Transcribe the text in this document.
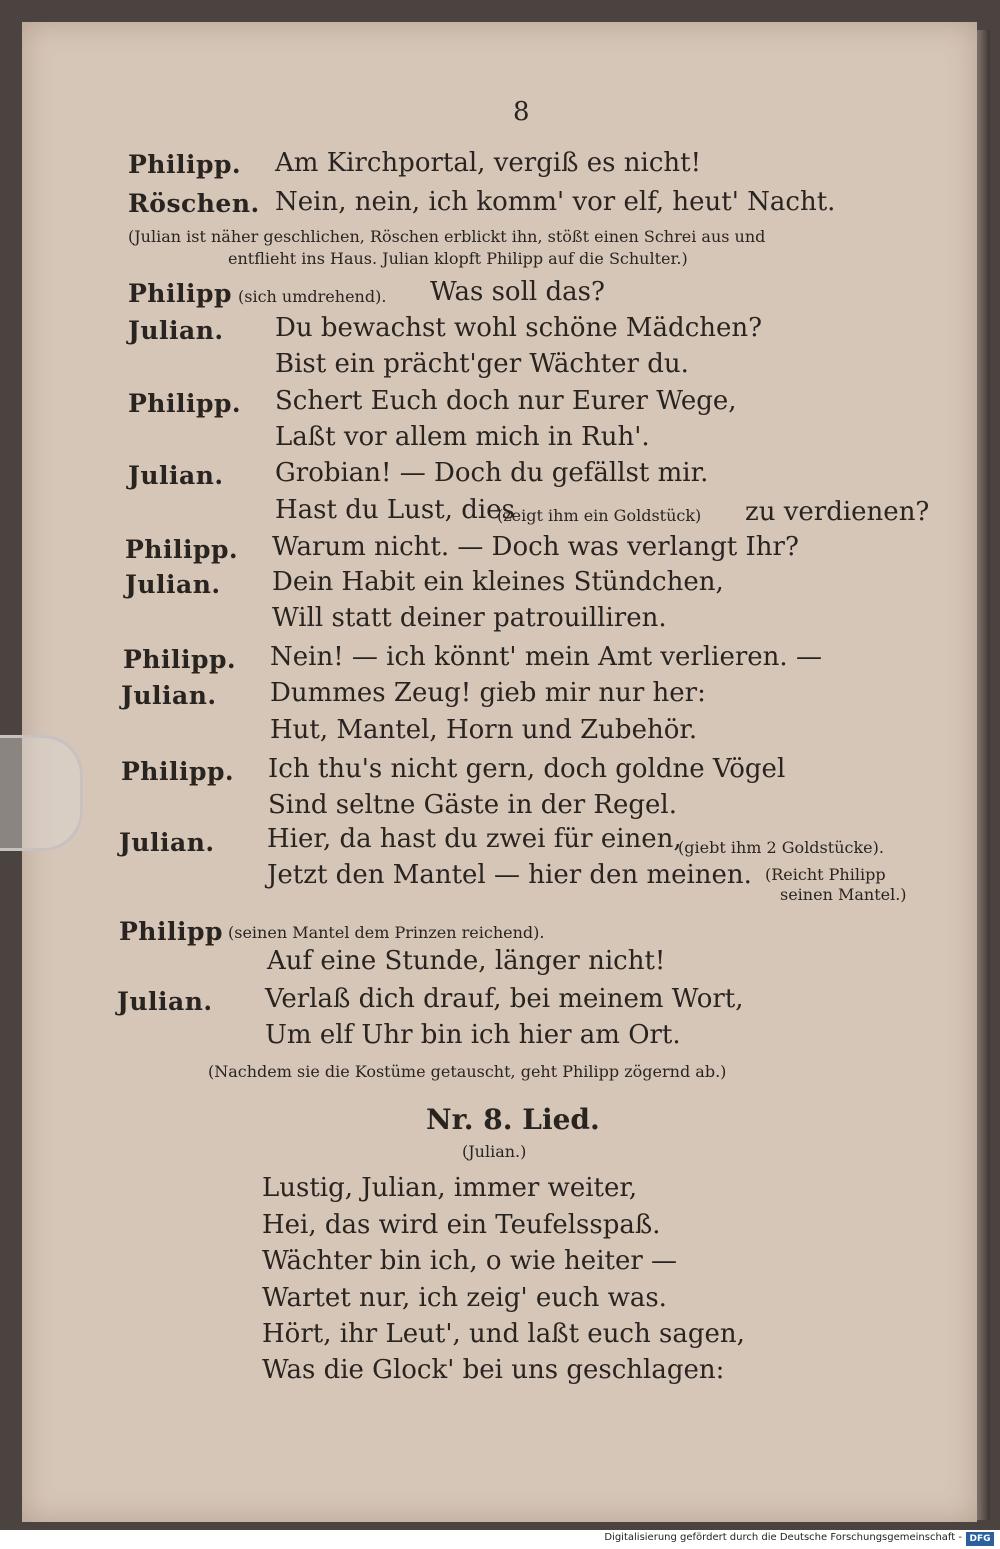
8
Philipp. Am Kirchportal, vergiß es nicht!
Röschen. Nein, nein, ich komm' vor elf, heut' Nacht.
(Julian ist näher geschlichen, Röschen erblickt ihn, stößt einen Schrei aus und
entflieht ins Haus. Julian klopft Philipp auf die Schulter.)
Philipp (sich umdrehend). Was soll das?
Julian. Du bewachst wohl schöne Mädchen?
Bist ein prächt'ger Wächter du.
Philipp. Schert Euch doch nur Eurer Wege,
Laßt vor allem mich in Ruh'.
Julian. Grobian! — Doch du gefällst mir.
Hast du Lust, dies
(zeigt ihm ein Goldstück) zu verdienen?
Philipp. Warum nicht. — Doch was verlangt Ihr?
Julian. Dein Habit ein kleines Stündchen,
Will statt deiner patrouilliren.
Philipp. Nein! — ich könnt' mein Amt verlieren. —
Julian. Dummes Zeug! gieb mir nur her:
Hut, Mantel, Horn und Zubehör.
Philipp. Ich thu's nicht gern, doch goldne Vögel
Sind seltne Gäste in der Regel.
Julian. Hier, da hast du zwei für einen,
(giebt ihm 2 Goldstücke).
Jetzt den Mantel — hier den meinen. (Reicht Philipp
seinen Mantel.)
Philipp (seinen Mantel dem Prinzen reichend).
Auf eine Stunde, länger nicht!
Julian. Verlaß dich drauf, bei meinem Wort,
Um elf Uhr bin ich hier am Ort.
(Nachdem sie die Kostüme getauscht, geht Philipp zögernd ab.)
Nr. 8. Lied.
(Julian.)
Lustig, Julian, immer weiter,
Hei, das wird ein Teufelsspaß.
Wächter bin ich, o wie heiter —
Wartet nur, ich zeig' euch was.
Hört, ihr Leut', und laßt euch sagen,
Was die Glock' bei uns geschlagen:
Digitalisierung gefördert durch die Deutsche Forschungsgemeinschaft - DFG
